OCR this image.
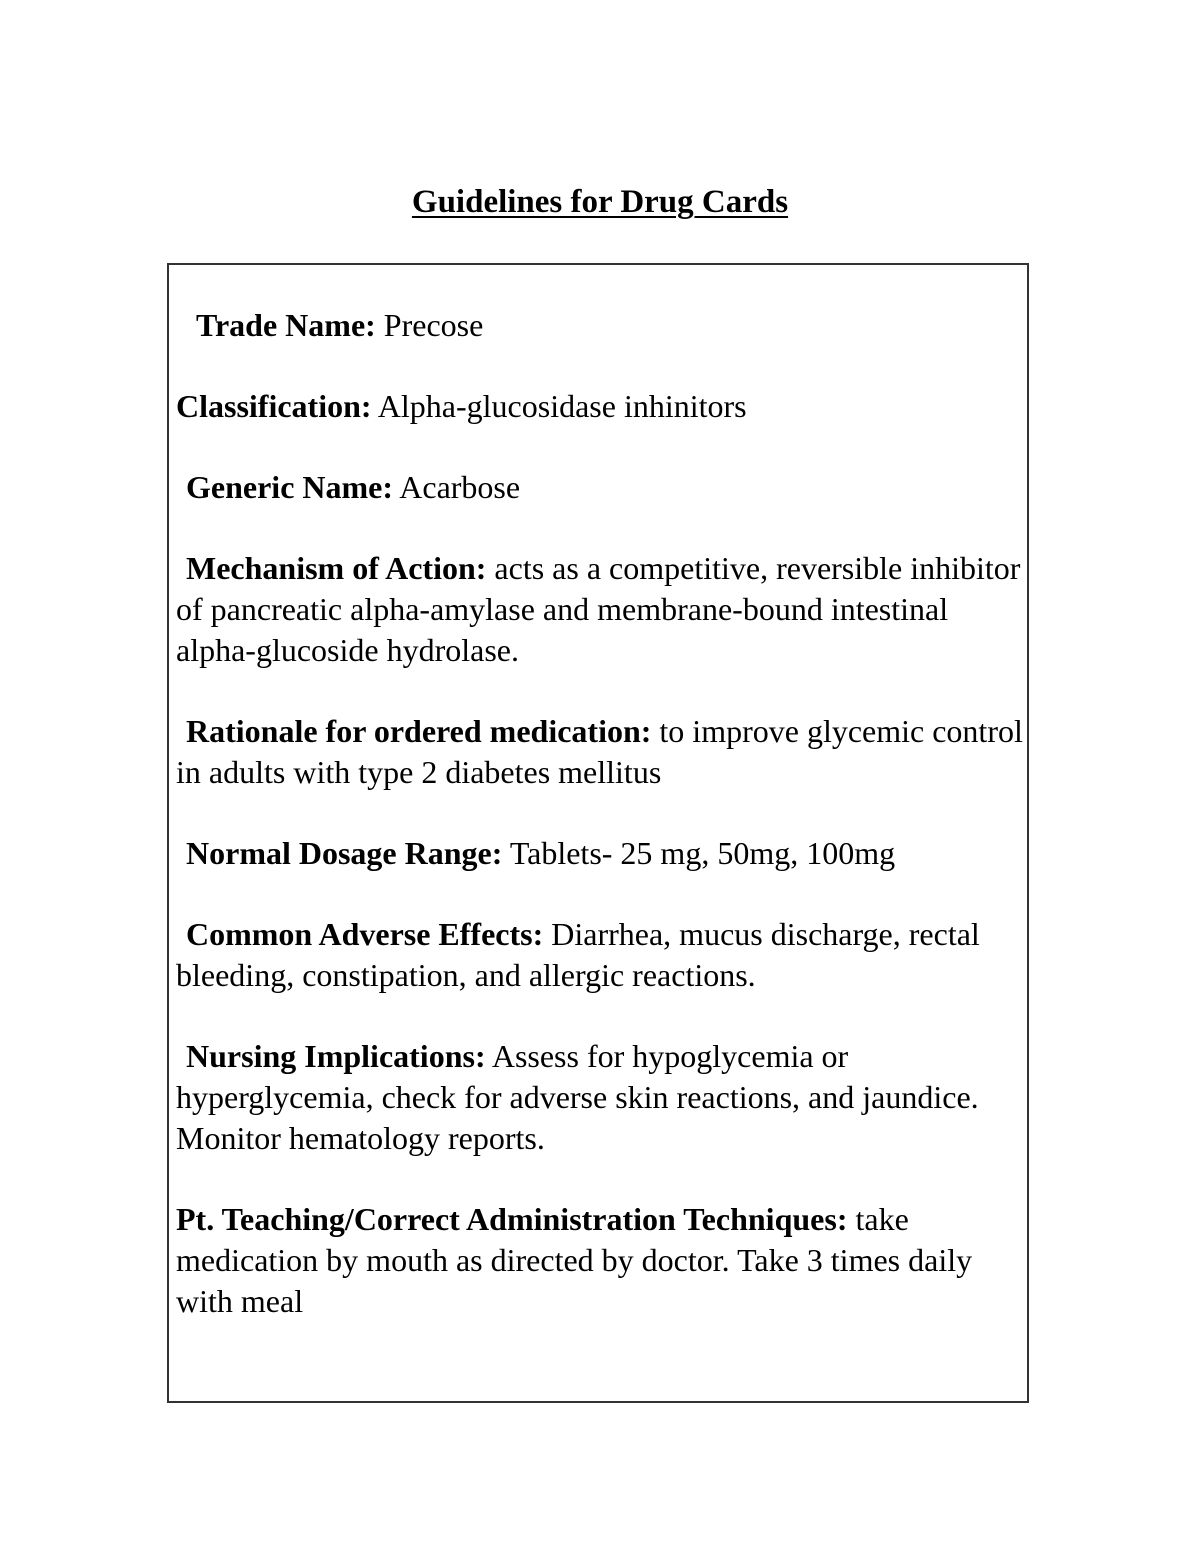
Guidelines for Drug Cards

Trade Name: Precose

Classification: Alpha-glucosidase inhinitors

Generic Name: Acarbose

Mechanism of Action: acts as a competitive, reversible inhibitor of pancreatic alpha-amylase and membrane-bound intestinal alpha-glucoside hydrolase.

Rationale for ordered medication: to improve glycemic control in adults with type 2 diabetes mellitus

Normal Dosage Range: Tablets- 25 mg, 50mg, 100mg

Common Adverse Effects: Diarrhea, mucus discharge, rectal bleeding, constipation, and allergic reactions.

Nursing Implications: Assess for hypoglycemia or hyperglycemia, check for adverse skin reactions, and jaundice. Monitor hematology reports.

Pt. Teaching/Correct Administration Techniques: take medication by mouth as directed by doctor. Take 3 times daily with meal
